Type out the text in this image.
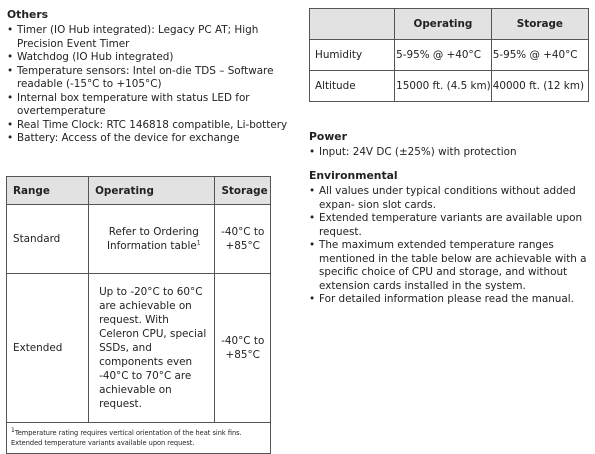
Others
• Timer (IO Hub integrated): Legacy PC AT; High Precision Event Timer
• Watchdog (IO Hub integrated)
• Temperature sensors: Intel on-die TDS – Software readable (-15°C to +105°C)
• Internal box temperature with status LED for overtemperature
• Real Time Clock: RTC 146818 compatible, Li-bottery
• Battery: Access of the device for exchange
Range	Operating	Storage
Standard	Refer to Ordering Information table$^1$	-40°C to +85°C
Extended	Up to -20°C to 60°C are achievable on request. With Celeron CPU, special SSDs, and components even -40°C to 70°C are achievable on request.	-40°C to +85°C
$^1$Temperature rating requires vertical orientation of the heat sink fins.
Extended temperature variants available upon request.		
	Operating	Storage
Humidity	5-95% @ +40°C	5-95% @ +40°C
Altitude	15000 ft. (4.5 km)	40000 ft. (12 km)
Power
• Input: 24V DC (±25%) with protection
Environmental
• All values under typical conditions without added expan- sion slot cards.
• Extended temperature variants are available upon request.
• The maximum extended temperature ranges mentioned in the table below are achievable with a specific choice of CPU and storage, and without extension cards installed in the system.
• For detailed information please read the manual.
